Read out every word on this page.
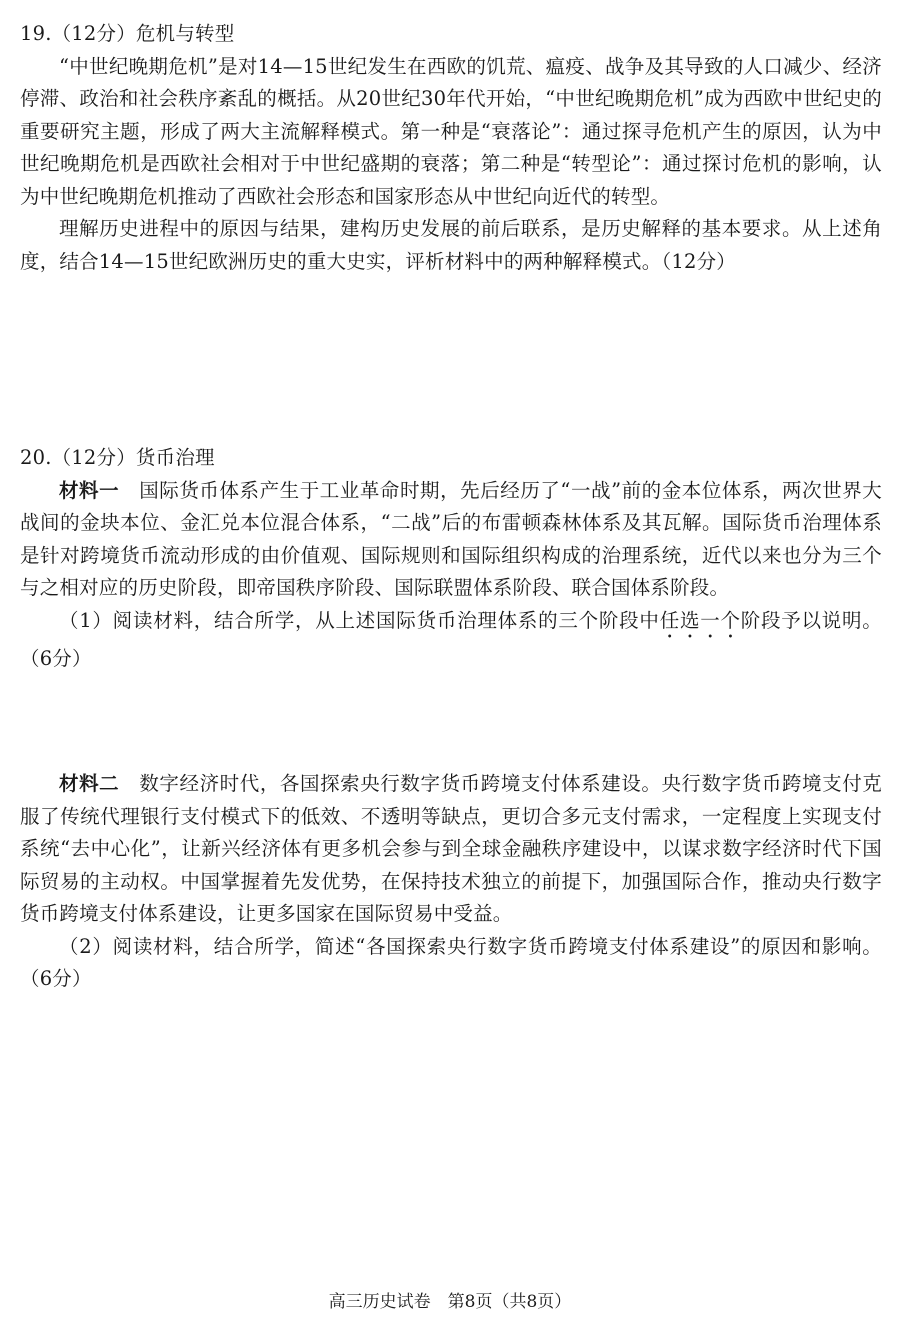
19.（12分）危机与转型

“中世纪晚期危机”是对14—15世纪发生在西欧的饥荒、瘟疫、战争及其导致的人口减少、经济停滞、政治和社会秩序紊乱的概括。从20世纪30年代开始，“中世纪晚期危机”成为西欧中世纪史的重要研究主题，形成了两大主流解释模式。第一种是“衰落论”：通过探寻危机产生的原因，认为中世纪晚期危机是西欧社会相对于中世纪盛期的衰落；第二种是“转型论”：通过探讨危机的影响，认为中世纪晚期危机推动了西欧社会形态和国家形态从中世纪向近代的转型。

理解历史进程中的原因与结果，建构历史发展的前后联系，是历史解释的基本要求。从上述角度，结合14—15世纪欧洲历史的重大史实，评析材料中的两种解释模式。（12分）

20.（12分）货币治理

材料一　 国际货币体系产生于工业革命时期，先后经历了“一战”前的金本位体系，两次世界大战间的金块本位、金汇兑本位混合体系，“二战”后的布雷顿森林体系及其瓦解。国际货币治理体系是针对跨境货币流动形成的由价值观、国际规则和国际组织构成的治理系统，近代以来也分为三个与之相对应的历史阶段，即帝国秩序阶段、国际联盟体系阶段、联合国体系阶段。

（1）阅读材料，结合所学，从上述国际货币治理体系的三个阶段中任选一个阶段予以说明。（6分）

材料二　 数字经济时代，各国探索央行数字货币跨境支付体系建设。央行数字货币跨境支付克服了传统代理银行支付模式下的低效、不透明等缺点，更切合多元支付需求，一定程度上实现支付系统“去中心化”，让新兴经济体有更多机会参与到全球金融秩序建设中，以谋求数字经济时代下国际贸易的主动权。中国掌握着先发优势，在保持技术独立的前提下，加强国际合作，推动央行数字货币跨境支付体系建设，让更多国家在国际贸易中受益。

（2）阅读材料，结合所学，简述“各国探索央行数字货币跨境支付体系建设”的原因和影响。（6分）

高三历史试卷　第8页（共8页）
